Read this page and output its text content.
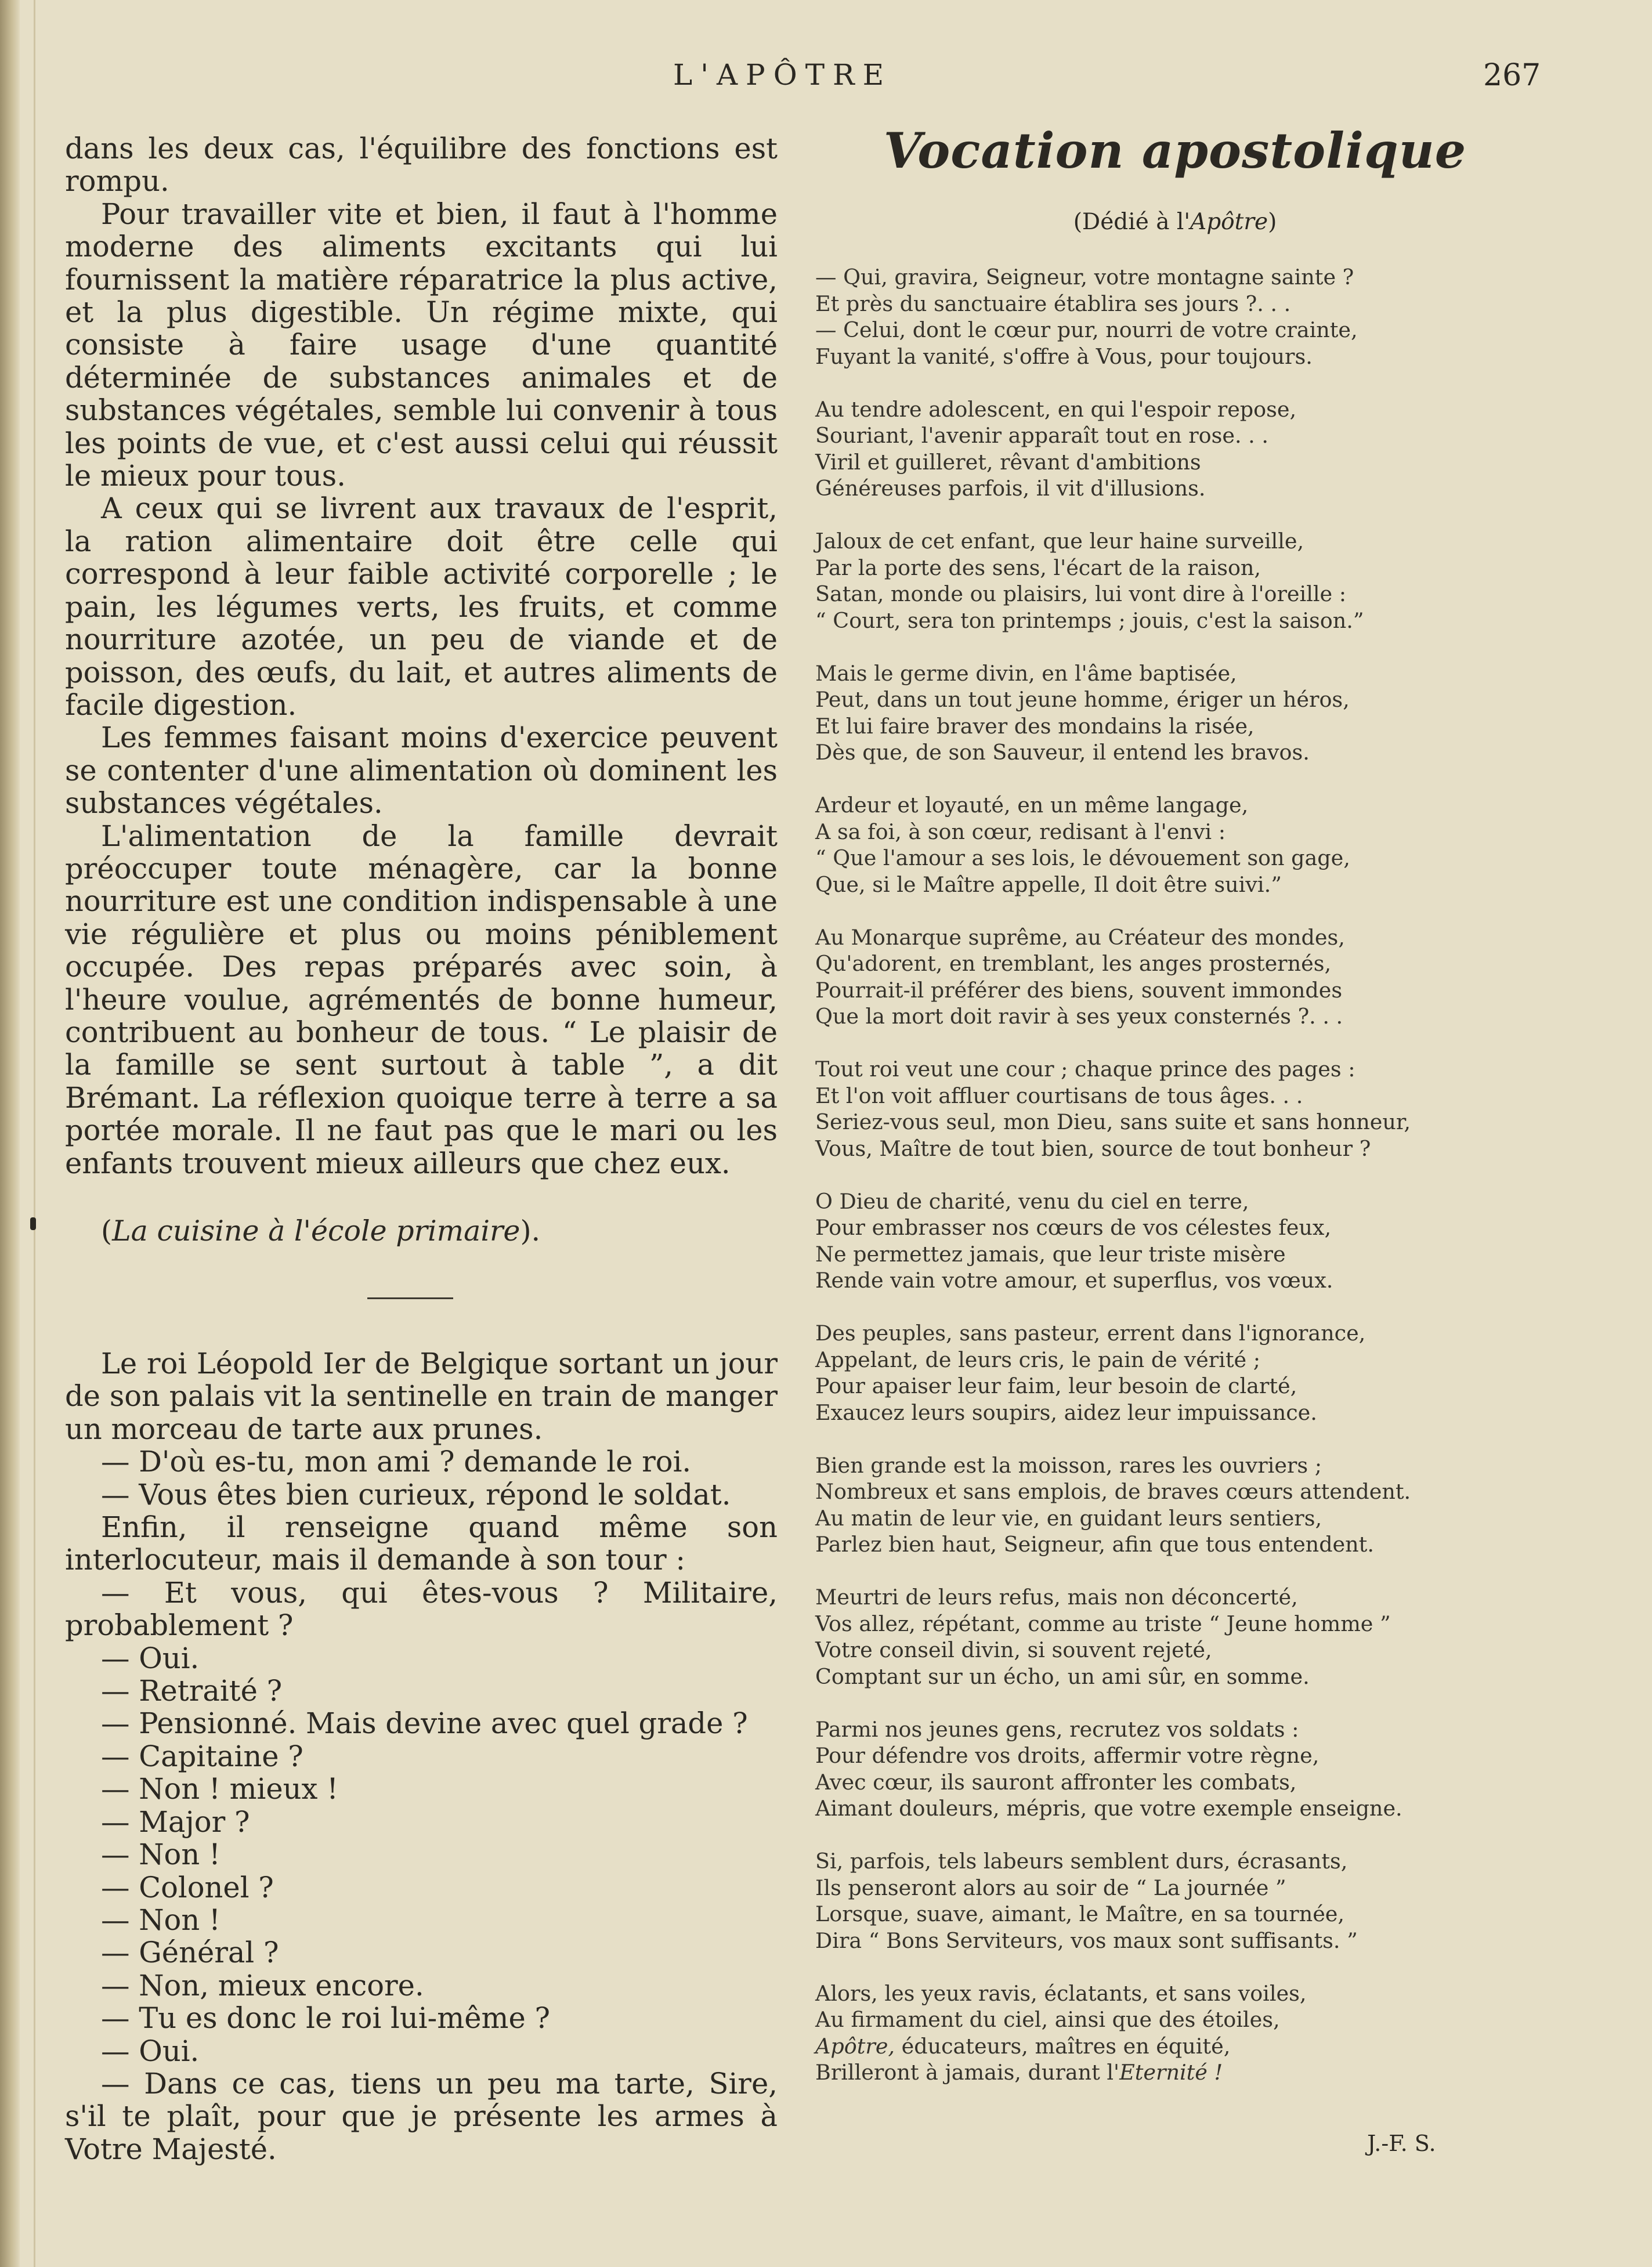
L'APÔTRE	267

dans les deux cas, l'équilibre des fonctions est rompu.

Pour travailler vite et bien, il faut à l'homme moderne des aliments excitants qui lui fournissent la matière réparatrice la plus active, et la plus digestible. Un régime mixte, qui consiste à faire usage d'une quantité déterminée de substances animales et de substances végétales, semble lui convenir à tous les points de vue, et c'est aussi celui qui réussit le mieux pour tous.

A ceux qui se livrent aux travaux de l'esprit, la ration alimentaire doit être celle qui correspond à leur faible activité corporelle ; le pain, les légumes verts, les fruits, et comme nourriture azotée, un peu de viande et de poisson, des œufs, du lait, et autres aliments de facile digestion.

Les femmes faisant moins d'exercice peuvent se contenter d'une alimentation où dominent les substances végétales.

L'alimentation de la famille devrait préoccuper toute ménagère, car la bonne nourriture est une condition indispensable à une vie régulière et plus ou moins péniblement occupée. Des repas préparés avec soin, à l'heure voulue, agrémentés de bonne humeur, contribuent au bonheur de tous. “ Le plaisir de la famille se sent surtout à table ”, a dit Brémant. La réflexion quoique terre à terre a sa portée morale. Il ne faut pas que le mari ou les enfants trouvent mieux ailleurs que chez eux.

(La cuisine à l'école primaire).

Le roi Léopold Ier de Belgique sortant un jour de son palais vit la sentinelle en train de manger un morceau de tarte aux prunes.

— D'où es-tu, mon ami ? demande le roi.

— Vous êtes bien curieux, répond le soldat.

Enfin, il renseigne quand même son interlocuteur, mais il demande à son tour :

— Et vous, qui êtes-vous ? Militaire, probablement ?

— Oui.

— Retraité ?

— Pensionné. Mais devine avec quel grade ?

— Capitaine ?

— Non ! mieux !

— Major ?

— Non !

— Colonel ?

— Non !

— Général ?

— Non, mieux encore.

— Tu es donc le roi lui-même ?

— Oui.

— Dans ce cas, tiens un peu ma tarte, Sire, s'il te plaît, pour que je présente les armes à Votre Majesté.

Vocation apostolique
(Dédié à l'Apôtre)
— Qui, gravira, Seigneur, votre montagne sainte ?
Et près du sanctuaire établira ses jours ?. . .
— Celui, dont le cœur pur, nourri de votre crainte,
Fuyant la vanité, s'offre à Vous, pour toujours.
Au tendre adolescent, en qui l'espoir repose,
Souriant, l'avenir apparaît tout en rose. . .
Viril et guilleret, rêvant d'ambitions
Généreuses parfois, il vit d'illusions.
Jaloux de cet enfant, que leur haine surveille,
Par la porte des sens, l'écart de la raison,
Satan, monde ou plaisirs, lui vont dire à l'oreille :
“ Court, sera ton printemps ; jouis, c'est la saison.”
Mais le germe divin, en l'âme baptisée,
Peut, dans un tout jeune homme, ériger un héros,
Et lui faire braver des mondains la risée,
Dès que, de son Sauveur, il entend les bravos.
Ardeur et loyauté, en un même langage,
A sa foi, à son cœur, redisant à l'envi :
“ Que l'amour a ses lois, le dévouement son gage,
Que, si le Maître appelle, Il doit être suivi.”
Au Monarque suprême, au Créateur des mondes,
Qu'adorent, en tremblant, les anges prosternés,
Pourrait-il préférer des biens, souvent immondes
Que la mort doit ravir à ses yeux consternés ?. . .
Tout roi veut une cour ; chaque prince des pages :
Et l'on voit affluer courtisans de tous âges. . .
Seriez-vous seul, mon Dieu, sans suite et sans honneur,
Vous, Maître de tout bien, source de tout bonheur ?
O Dieu de charité, venu du ciel en terre,
Pour embrasser nos cœurs de vos célestes feux,
Ne permettez jamais, que leur triste misère
Rende vain votre amour, et superflus, vos vœux.
Des peuples, sans pasteur, errent dans l'ignorance,
Appelant, de leurs cris, le pain de vérité ;
Pour apaiser leur faim, leur besoin de clarté,
Exaucez leurs soupirs, aidez leur impuissance.
Bien grande est la moisson, rares les ouvriers ;
Nombreux et sans emplois, de braves cœurs attendent.
Au matin de leur vie, en guidant leurs sentiers,
Parlez bien haut, Seigneur, afin que tous entendent.
Meurtri de leurs refus, mais non déconcerté,
Vos allez, répétant, comme au triste “ Jeune homme ”
Votre conseil divin, si souvent rejeté,
Comptant sur un écho, un ami sûr, en somme.
Parmi nos jeunes gens, recrutez vos soldats :
Pour défendre vos droits, affermir votre règne,
Avec cœur, ils sauront affronter les combats,
Aimant douleurs, mépris, que votre exemple enseigne.
Si, parfois, tels labeurs semblent durs, écrasants,
Ils penseront alors au soir de “ La journée ”
Lorsque, suave, aimant, le Maître, en sa tournée,
Dira “ Bons Serviteurs, vos maux sont suffisants. ”
Alors, les yeux ravis, éclatants, et sans voiles,
Au firmament du ciel, ainsi que des étoiles,
Apôtre, éducateurs, maîtres en équité,
Brilleront à jamais, durant l'Eternité !
J.-F. S.
